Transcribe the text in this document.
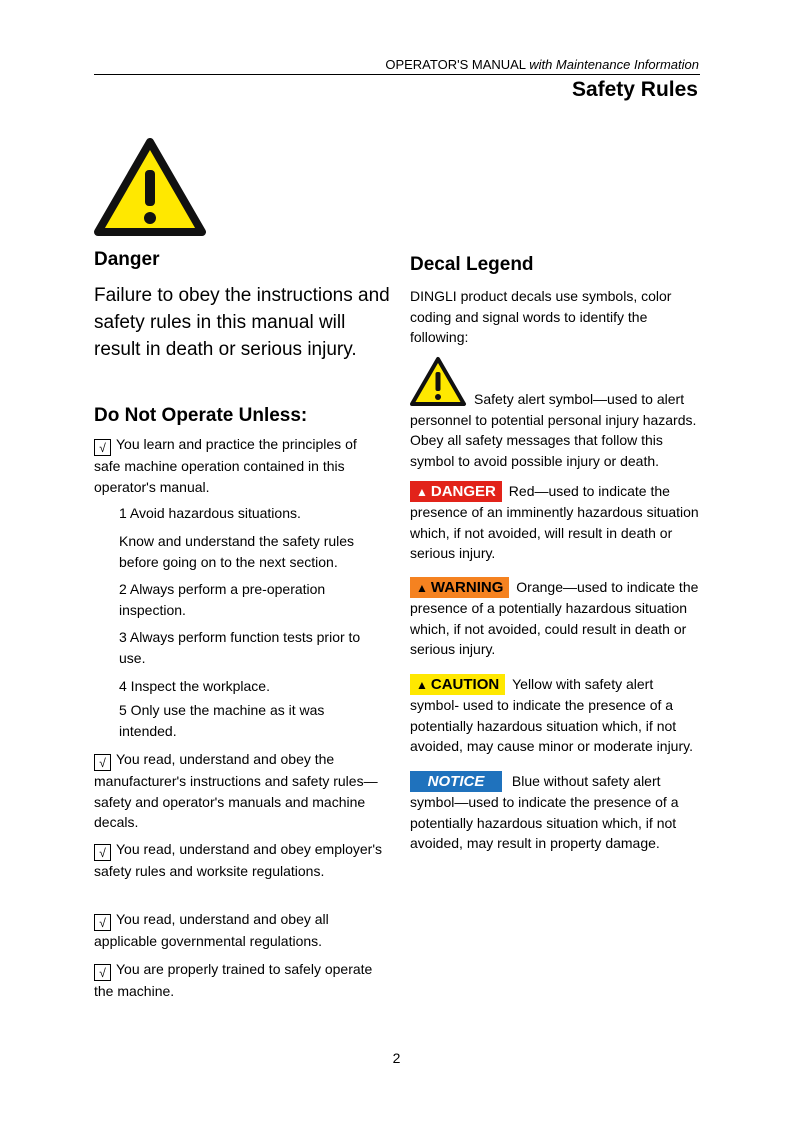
OPERATOR'S MANUAL with Maintenance Information
Safety Rules
Danger
Failure to obey the instructions and safety rules in this manual will result in death or serious injury.
Do Not Operate Unless:
√ You learn and practice the principles of safe machine operation contained in this operator's manual.
1 Avoid hazardous situations.
Know and understand the safety rules before going on to the next section.
2 Always perform a pre-operation inspection.
3 Always perform function tests prior to use.
4 Inspect the workplace.
5 Only use the machine as it was intended.
√ You read, understand and obey the manufacturer's instructions and safety rules—safety and operator's manuals and machine decals.
√ You read, understand and obey employer's safety rules and worksite regulations.
√ You read, understand and obey all applicable governmental regulations.
√ You are properly trained to safely operate the machine.
Decal Legend
DINGLI product decals use symbols, color coding and signal words to identify the following:
Safety alert symbol—used to alert personnel to potential personal injury hazards. Obey all safety messages that follow this symbol to avoid possible injury or death.
▲ DANGER Red—used to indicate the presence of an imminently hazardous situation which, if not avoided, will result in death or serious injury.
▲ WARNING Orange—used to indicate the presence of a potentially hazardous situation which, if not avoided, could result in death or serious injury.
▲ CAUTION Yellow with safety alert symbol- used to indicate the presence of a potentially hazardous situation which, if not avoided, may cause minor or moderate injury.
NOTICE Blue without safety alert symbol—used to indicate the presence of a potentially hazardous situation which, if not avoided, may result in property damage.
2
